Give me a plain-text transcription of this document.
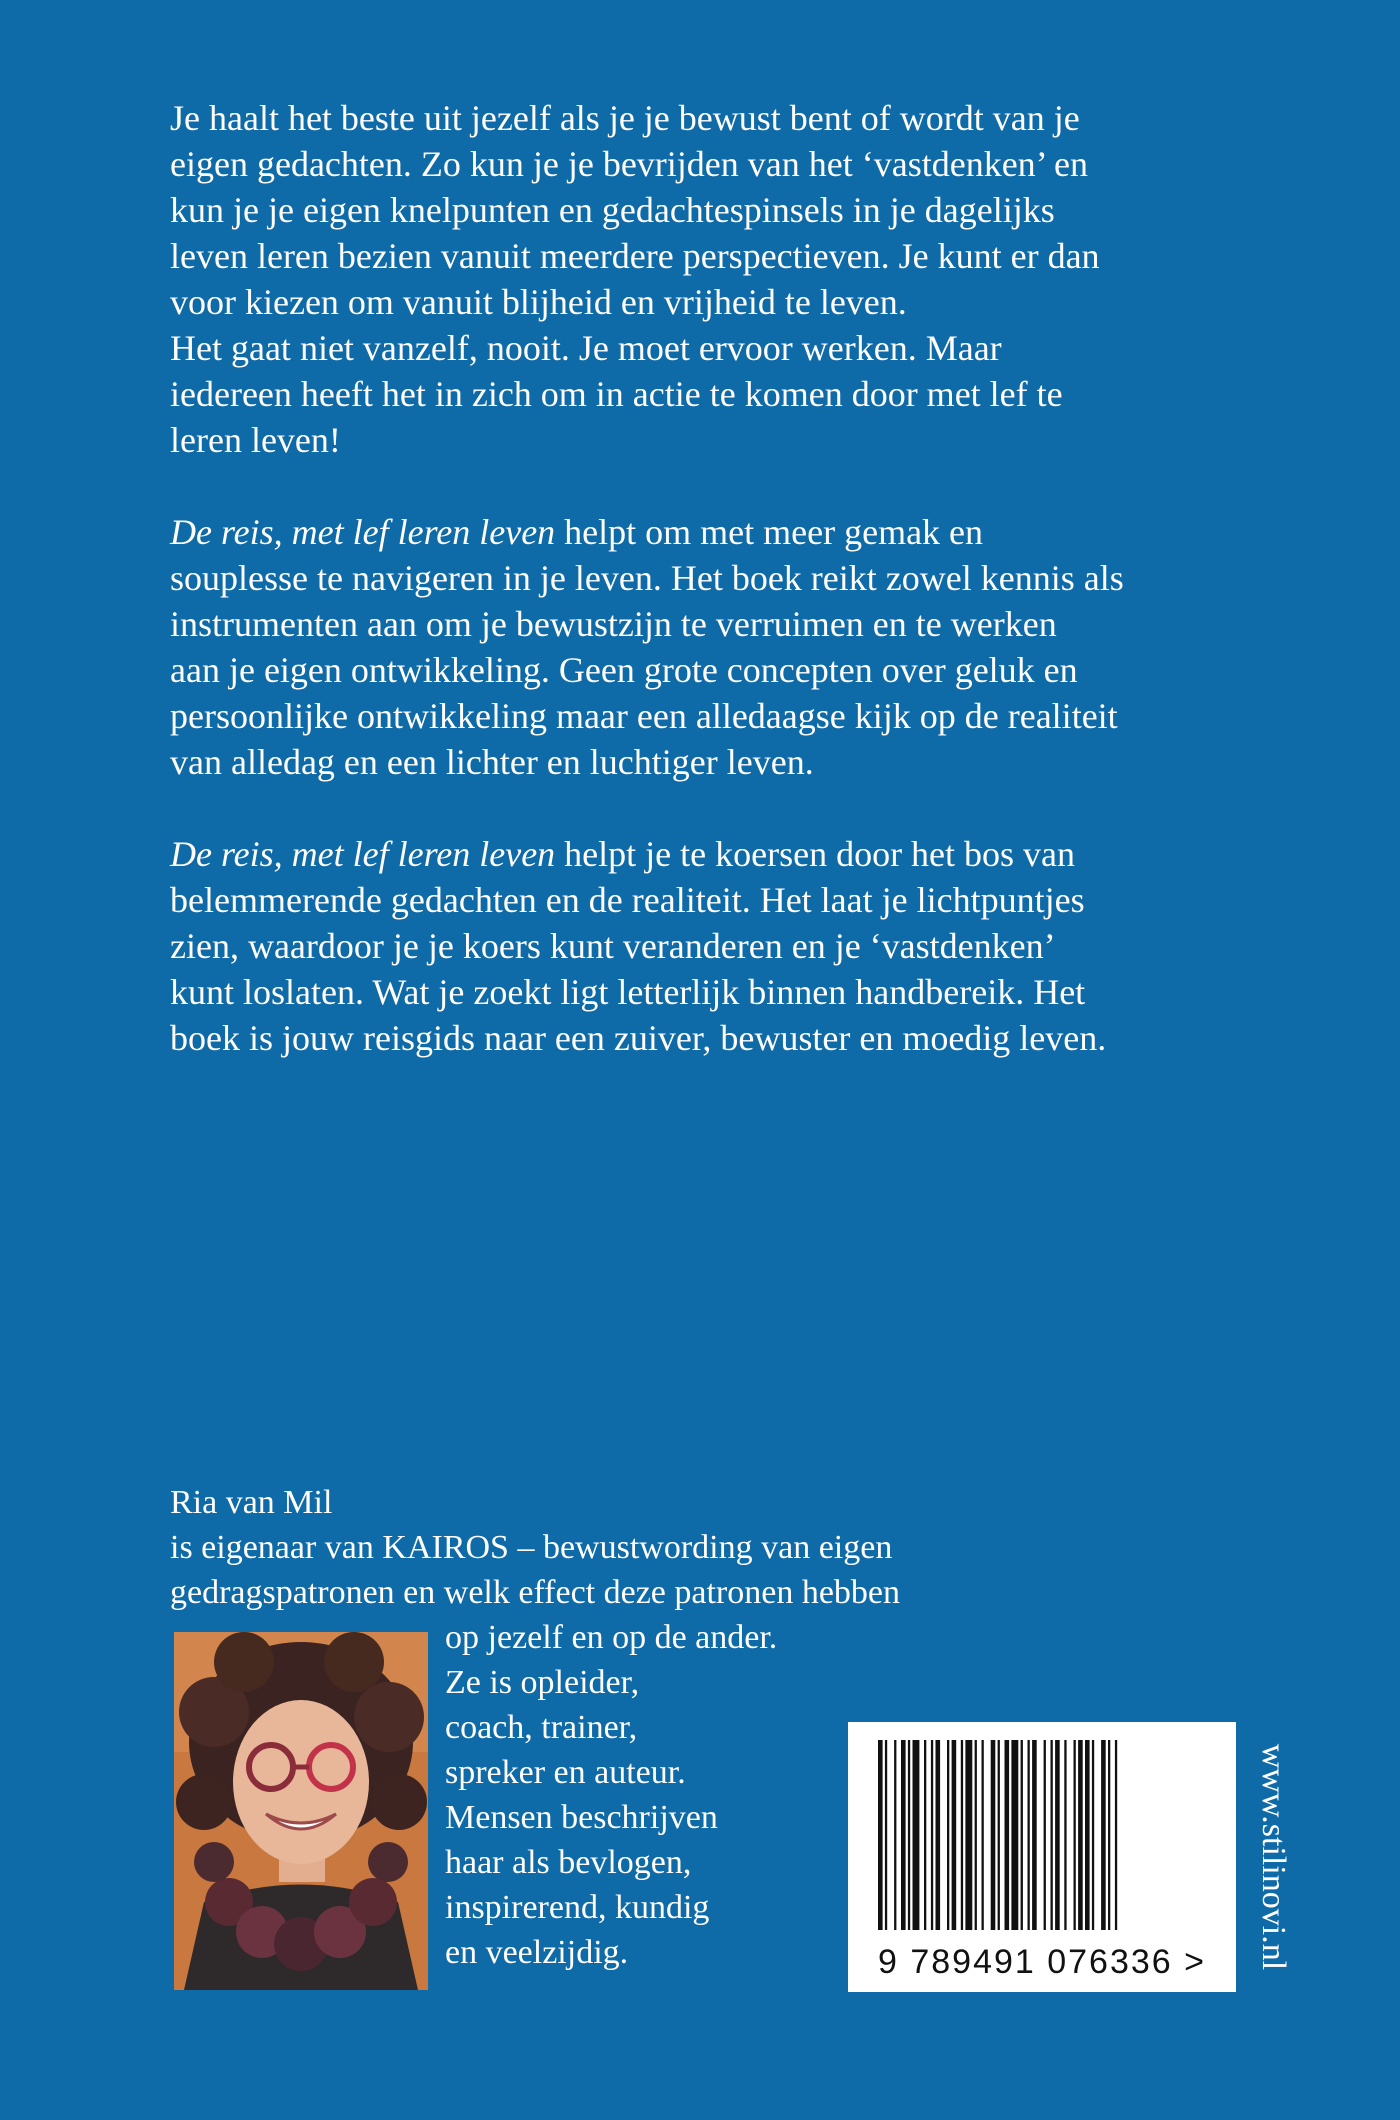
Je haalt het beste uit jezelf als je je bewust bent of wordt van je
eigen gedachten. Zo kun je je bevrijden van het ‘vastdenken’ en
kun je je eigen knelpunten en gedachtespinsels in je dagelijks
leven leren bezien vanuit meerdere perspectieven. Je kunt er dan
voor kiezen om vanuit blijheid en vrijheid te leven.
Het gaat niet vanzelf, nooit. Je moet ervoor werken. Maar
iedereen heeft het in zich om in actie te komen door met lef te
leren leven!

De reis, met lef leren leven helpt om met meer gemak en
souplesse te navigeren in je leven. Het boek reikt zowel kennis als
instrumenten aan om je bewustzijn te verruimen en te werken
aan je eigen ontwikkeling. Geen grote concepten over geluk en
persoonlijke ontwikkeling maar een alledaagse kijk op de realiteit
van alledag en een lichter en luchtiger leven.

De reis, met lef leren leven helpt je te koersen door het bos van
belemmerende gedachten en de realiteit. Het laat je lichtpuntjes
zien, waardoor je je koers kunt veranderen en je ‘vastdenken’
kunt loslaten. Wat je zoekt ligt letterlijk binnen handbereik. Het
boek is jouw reisgids naar een zuiver, bewuster en moedig leven.

Ria van Mil
is eigenaar van KAIROS – bewustwording van eigen
gedragspatronen en welk effect deze patronen hebben
op jezelf en op de ander.
Ze is opleider,
coach, trainer,
spreker en auteur.
Mensen beschrijven
haar als bevlogen,
inspirerend, kundig
en veelzijdig.	9 789491 076336 >	www.stilinovi.nl
